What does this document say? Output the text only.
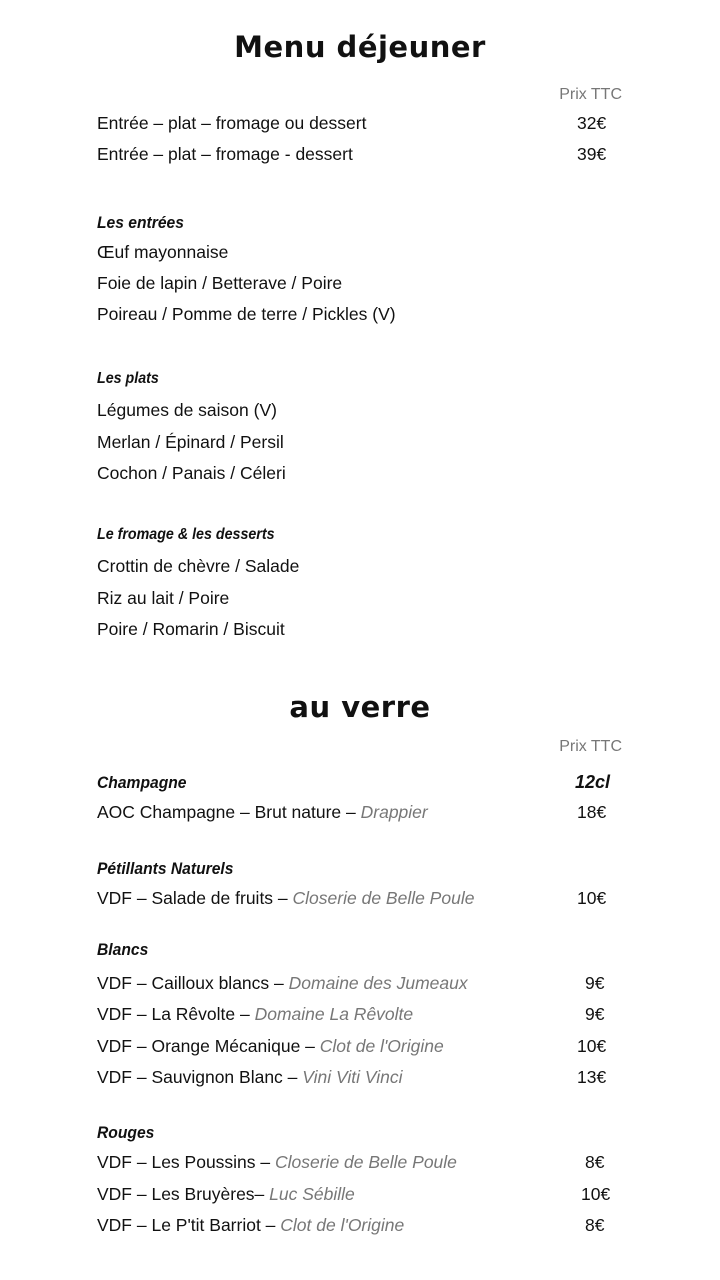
Menu déjeuner
Prix TTC
Entrée – plat – fromage ou dessert	32€
Entrée – plat – fromage - dessert	39€
Les entrées
Œuf mayonnaise
Foie de lapin / Betterave / Poire
Poireau / Pomme de terre / Pickles (V)
Les plats
Légumes de saison (V)
Merlan / Épinard / Persil
Cochon / Panais / Céleri
Le fromage & les desserts
Crottin de chèvre / Salade
Riz au lait / Poire
Poire / Romarin / Biscuit
au verre
Prix TTC
Champagne	12cl
AOC Champagne – Brut nature – Drappier	18€
Pétillants Naturels
VDF – Salade de fruits – Closerie de Belle Poule	10€
Blancs
VDF – Cailloux blancs – Domaine des Jumeaux	9€
VDF – La Rêvolte – Domaine La Rêvolte	9€
VDF – Orange Mécanique – Clot de l'Origine	10€
VDF – Sauvignon Blanc – Vini Viti Vinci	13€
Rouges
VDF – Les Poussins – Closerie de Belle Poule	8€
VDF – Les Bruyères– Luc Sébille	10€
VDF – Le P'tit Barriot – Clot de l'Origine	8€
